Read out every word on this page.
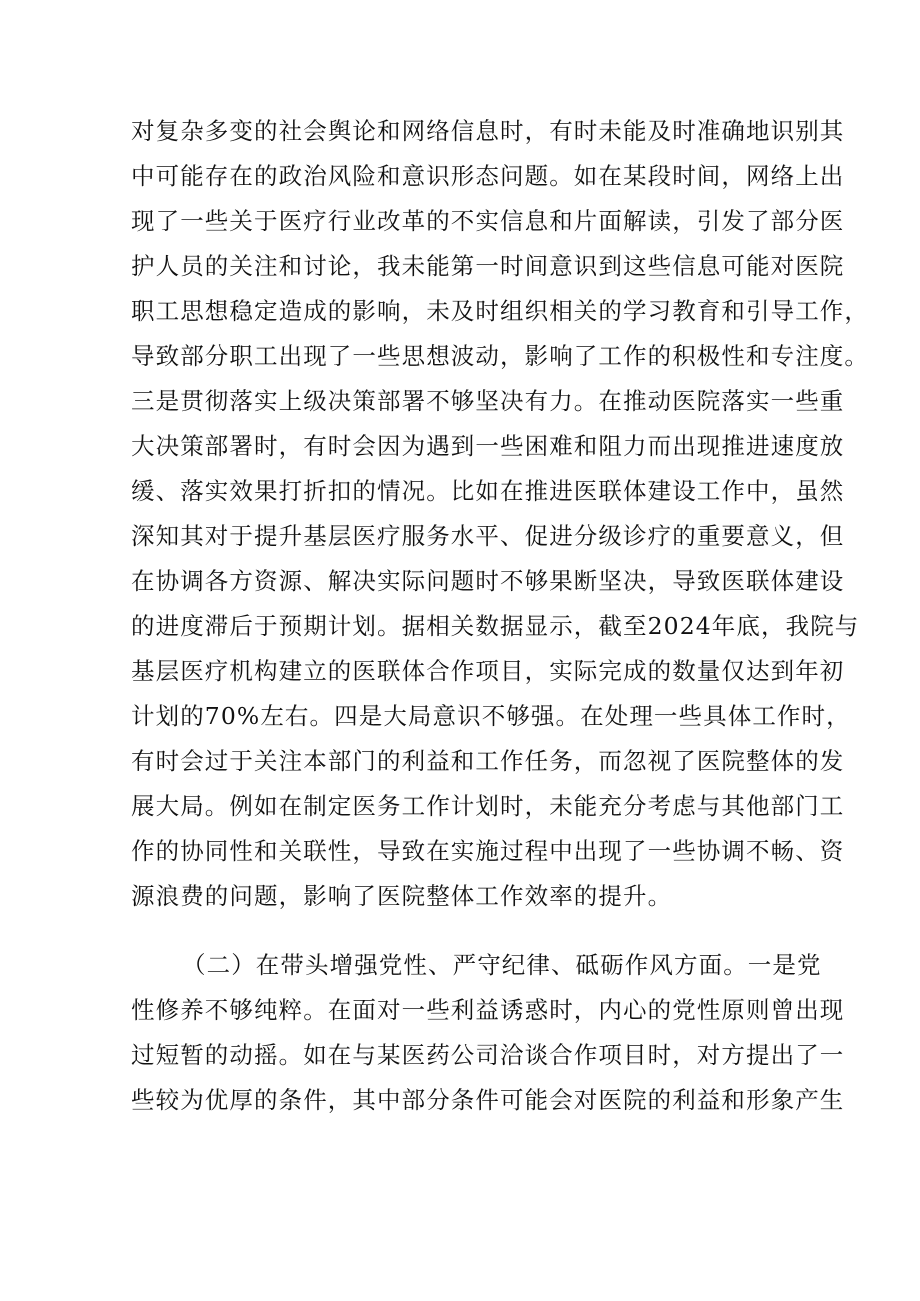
对复杂多变的社会舆论和网络信息时，有时未能及时准确地识别其
中可能存在的政治风险和意识形态问题。如在某段时间，网络上出
现了一些关于医疗行业改革的不实信息和片面解读，引发了部分医
护人员的关注和讨论，我未能第一时间意识到这些信息可能对医院
职工思想稳定造成的影响，未及时组织相关的学习教育和引导工作，
导致部分职工出现了一些思想波动，影响了工作的积极性和专注度。
三是贯彻落实上级决策部署不够坚决有力。在推动医院落实一些重
大决策部署时，有时会因为遇到一些困难和阻力而出现推进速度放
缓、落实效果打折扣的情况。比如在推进医联体建设工作中，虽然
深知其对于提升基层医疗服务水平、促进分级诊疗的重要意义，但
在协调各方资源、解决实际问题时不够果断坚决，导致医联体建设
的进度滞后于预期计划。据相关数据显示，截至2024年底，我院与
基层医疗机构建立的医联体合作项目，实际完成的数量仅达到年初
计划的70%左右。四是大局意识不够强。在处理一些具体工作时，
有时会过于关注本部门的利益和工作任务，而忽视了医院整体的发
展大局。例如在制定医务工作计划时，未能充分考虑与其他部门工
作的协同性和关联性，导致在实施过程中出现了一些协调不畅、资
源浪费的问题，影响了医院整体工作效率的提升。
（二）在带头增强党性、严守纪律、砥砺作风方面。一是党
性修养不够纯粹。在面对一些利益诱惑时，内心的党性原则曾出现
过短暂的动摇。如在与某医药公司洽谈合作项目时，对方提出了一
些较为优厚的条件，其中部分条件可能会对医院的利益和形象产生
